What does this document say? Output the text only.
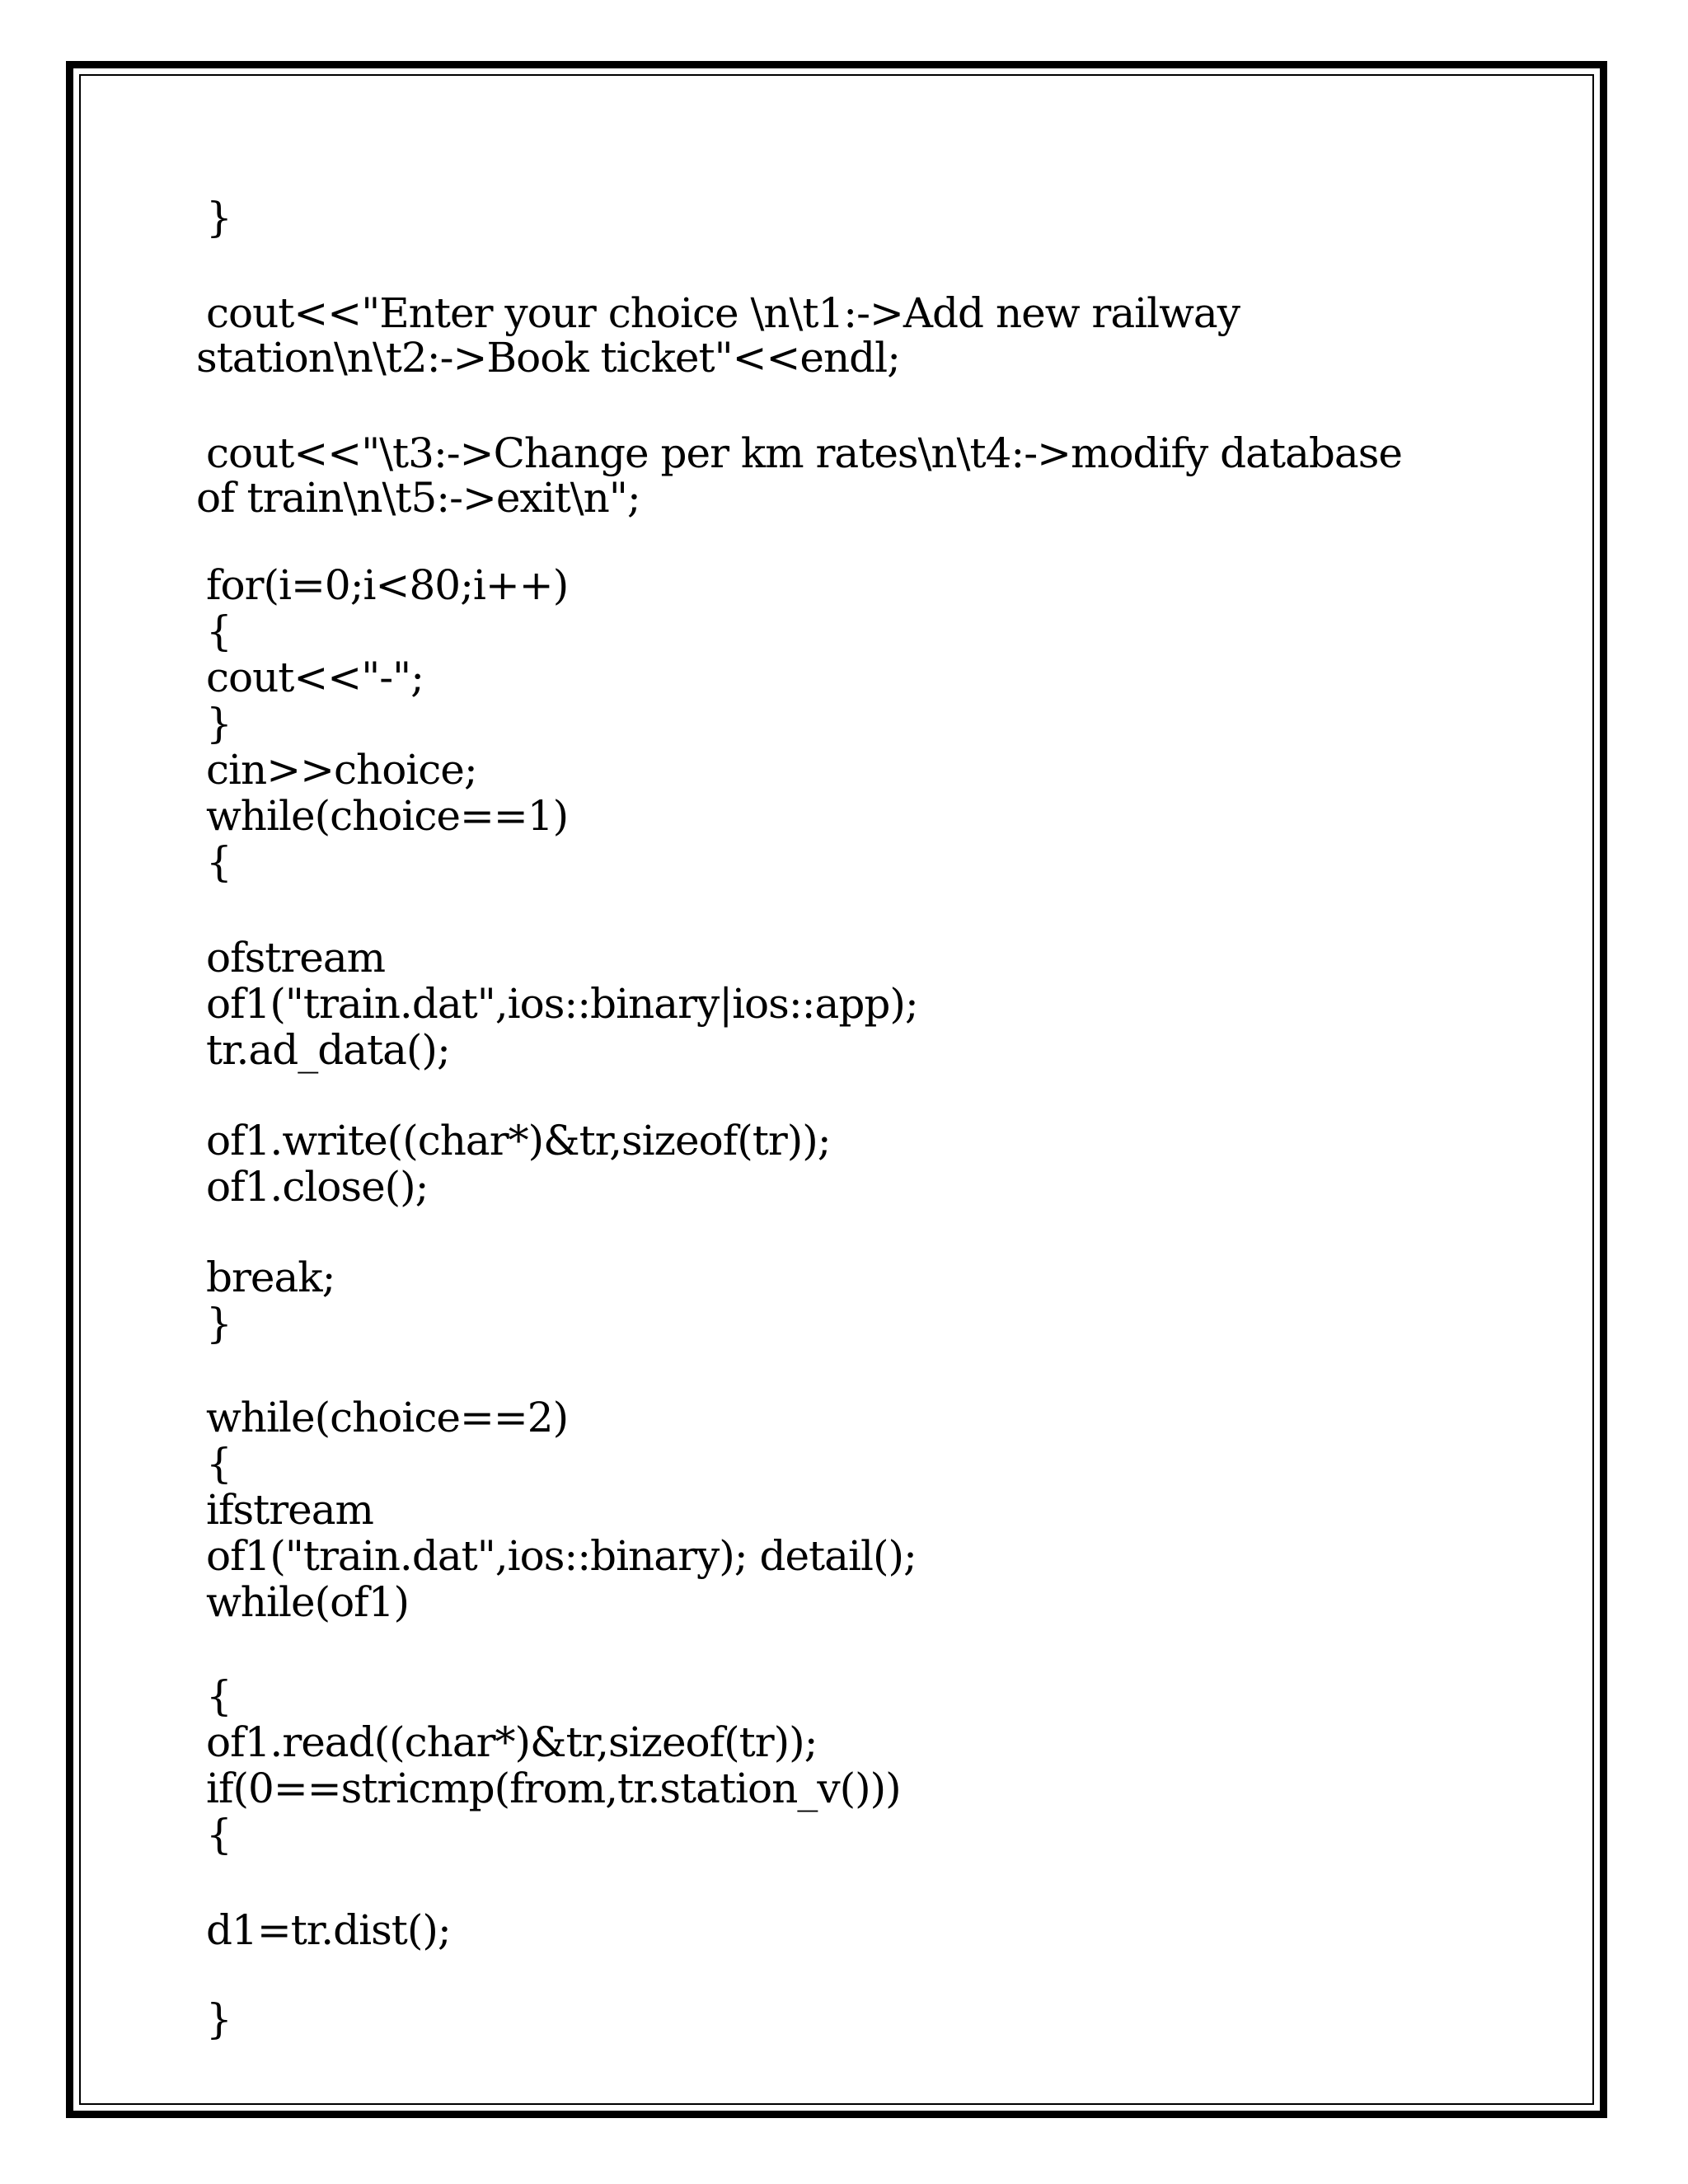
}
cout<<"Enter your choice \n\t1:->Add new railway
station\n\t2:->Book ticket"<<endl;
cout<<"\t3:->Change per km rates\n\t4:->modify database
of train\n\t5:->exit\n";
for(i=0;i<80;i++)
{
cout<<"-";
}
cin>>choice;
while(choice==1)
{
ofstream
of1("train.dat",ios::binary|ios::app);
tr.ad_data();
of1.write((char*)&tr,sizeof(tr));
of1.close();
break;
}
while(choice==2)
{
ifstream
of1("train.dat",ios::binary); detail();
while(of1)
{
of1.read((char*)&tr,sizeof(tr));
if(0==stricmp(from,tr.station_v()))
{
d1=tr.dist();
}
